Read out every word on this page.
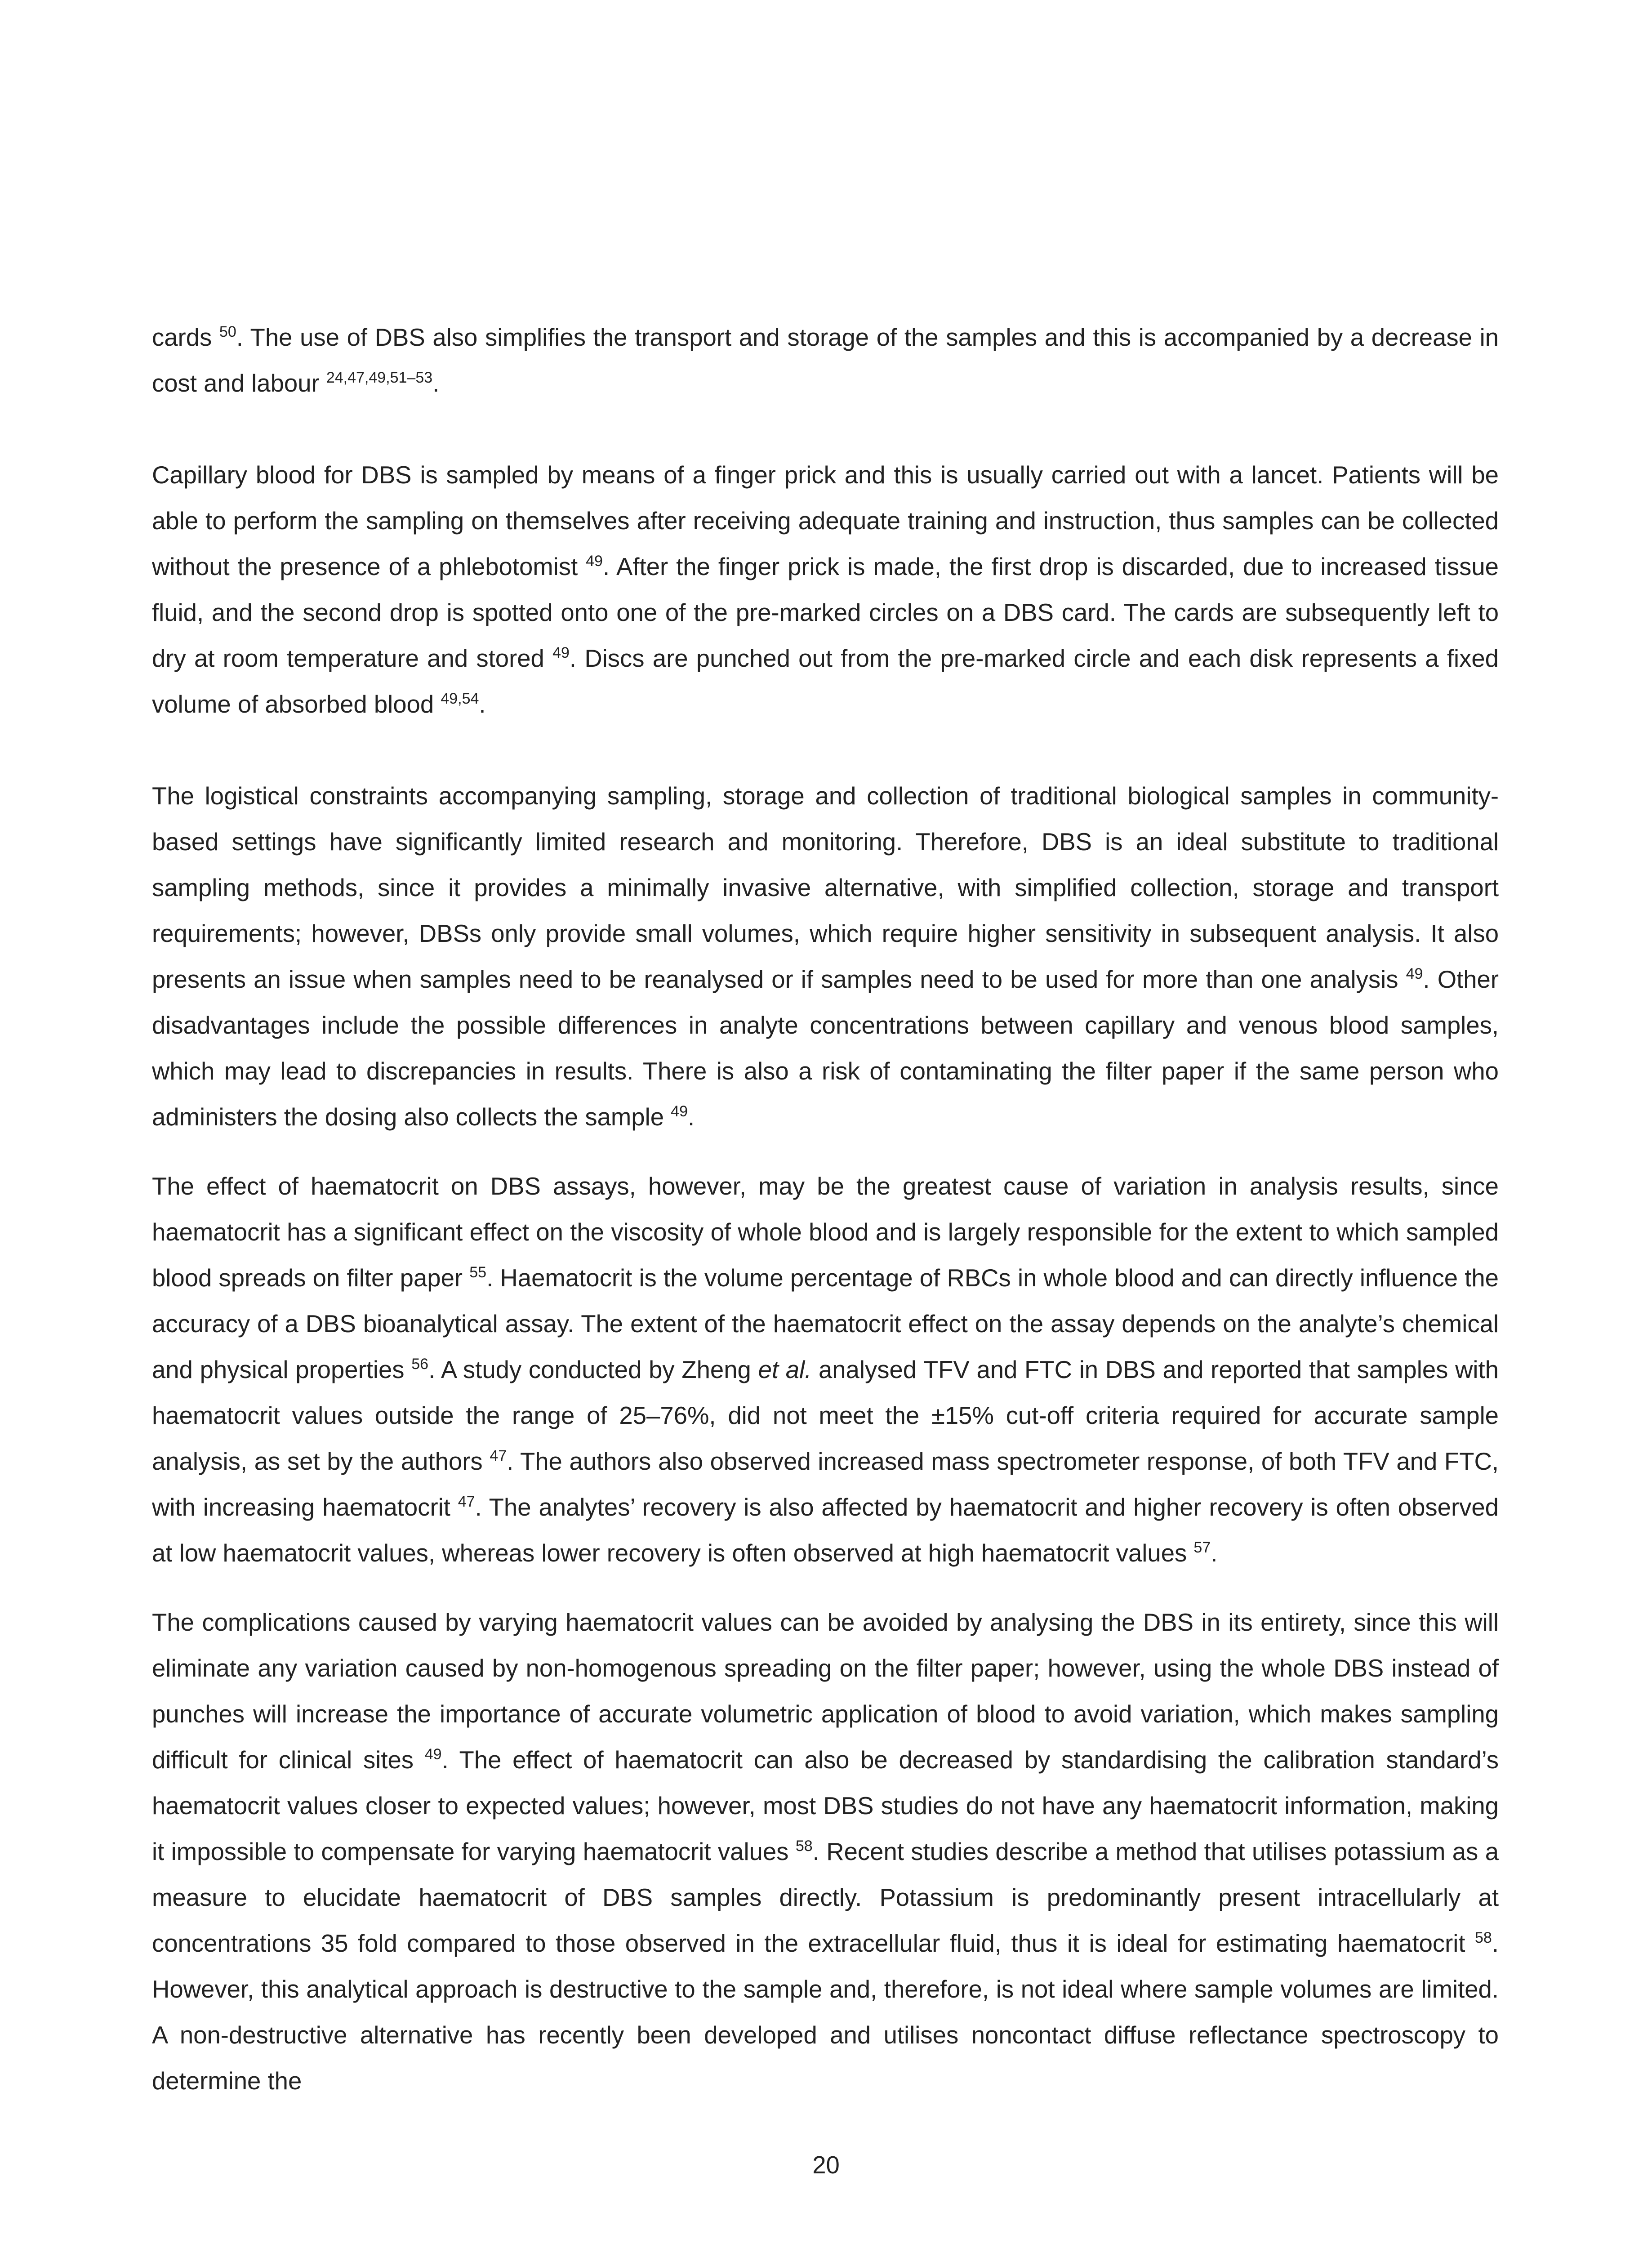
cards $^{50}$. The use of DBS also simplifies the transport and storage of the samples and this is accompanied by a decrease in cost and labour $^{24,47,49,51-53}$.

Capillary blood for DBS is sampled by means of a finger prick and this is usually carried out with a lancet. Patients will be able to perform the sampling on themselves after receiving adequate training and instruction, thus samples can be collected without the presence of a phlebotomist $^{49}$. After the finger prick is made, the first drop is discarded, due to increased tissue fluid, and the second drop is spotted onto one of the pre-marked circles on a DBS card. The cards are subsequently left to dry at room temperature and stored $^{49}$. Discs are punched out from the pre-marked circle and each disk represents a fixed volume of absorbed blood $^{49,54}$.

The logistical constraints accompanying sampling, storage and collection of traditional biological samples in community-based settings have significantly limited research and monitoring. Therefore, DBS is an ideal substitute to traditional sampling methods, since it provides a minimally invasive alternative, with simplified collection, storage and transport requirements; however, DBSs only provide small volumes, which require higher sensitivity in subsequent analysis. It also presents an issue when samples need to be reanalysed or if samples need to be used for more than one analysis $^{49}$. Other disadvantages include the possible differences in analyte concentrations between capillary and venous blood samples, which may lead to discrepancies in results. There is also a risk of contaminating the filter paper if the same person who administers the dosing also collects the sample $^{49}$.

The effect of haematocrit on DBS assays, however, may be the greatest cause of variation in analysis results, since haematocrit has a significant effect on the viscosity of whole blood and is largely responsible for the extent to which sampled blood spreads on filter paper $^{55}$. Haematocrit is the volume percentage of RBCs in whole blood and can directly influence the accuracy of a DBS bioanalytical assay. The extent of the haematocrit effect on the assay depends on the analyte’s chemical and physical properties $^{56}$. A study conducted by Zheng et al. analysed TFV and FTC in DBS and reported that samples with haematocrit values outside the range of 25–76%, did not meet the ±15% cut-off criteria required for accurate sample analysis, as set by the authors $^{47}$. The authors also observed increased mass spectrometer response, of both TFV and FTC, with increasing haematocrit $^{47}$. The analytes’ recovery is also affected by haematocrit and higher recovery is often observed at low haematocrit values, whereas lower recovery is often observed at high haematocrit values $^{57}$.

The complications caused by varying haematocrit values can be avoided by analysing the DBS in its entirety, since this will eliminate any variation caused by non-homogenous spreading on the filter paper; however, using the whole DBS instead of punches will increase the importance of accurate volumetric application of blood to avoid variation, which makes sampling difficult for clinical sites $^{49}$. The effect of haematocrit can also be decreased by standardising the calibration standard’s haematocrit values closer to expected values; however, most DBS studies do not have any haematocrit information, making it impossible to compensate for varying haematocrit values $^{58}$. Recent studies describe a method that utilises potassium as a measure to elucidate haematocrit of DBS samples directly. Potassium is predominantly present intracellularly at concentrations 35 fold compared to those observed in the extracellular fluid, thus it is ideal for estimating haematocrit $^{58}$. However, this analytical approach is destructive to the sample and, therefore, is not ideal where sample volumes are limited. A non-destructive alternative has recently been developed and utilises noncontact diffuse reflectance spectroscopy to determine the

20
